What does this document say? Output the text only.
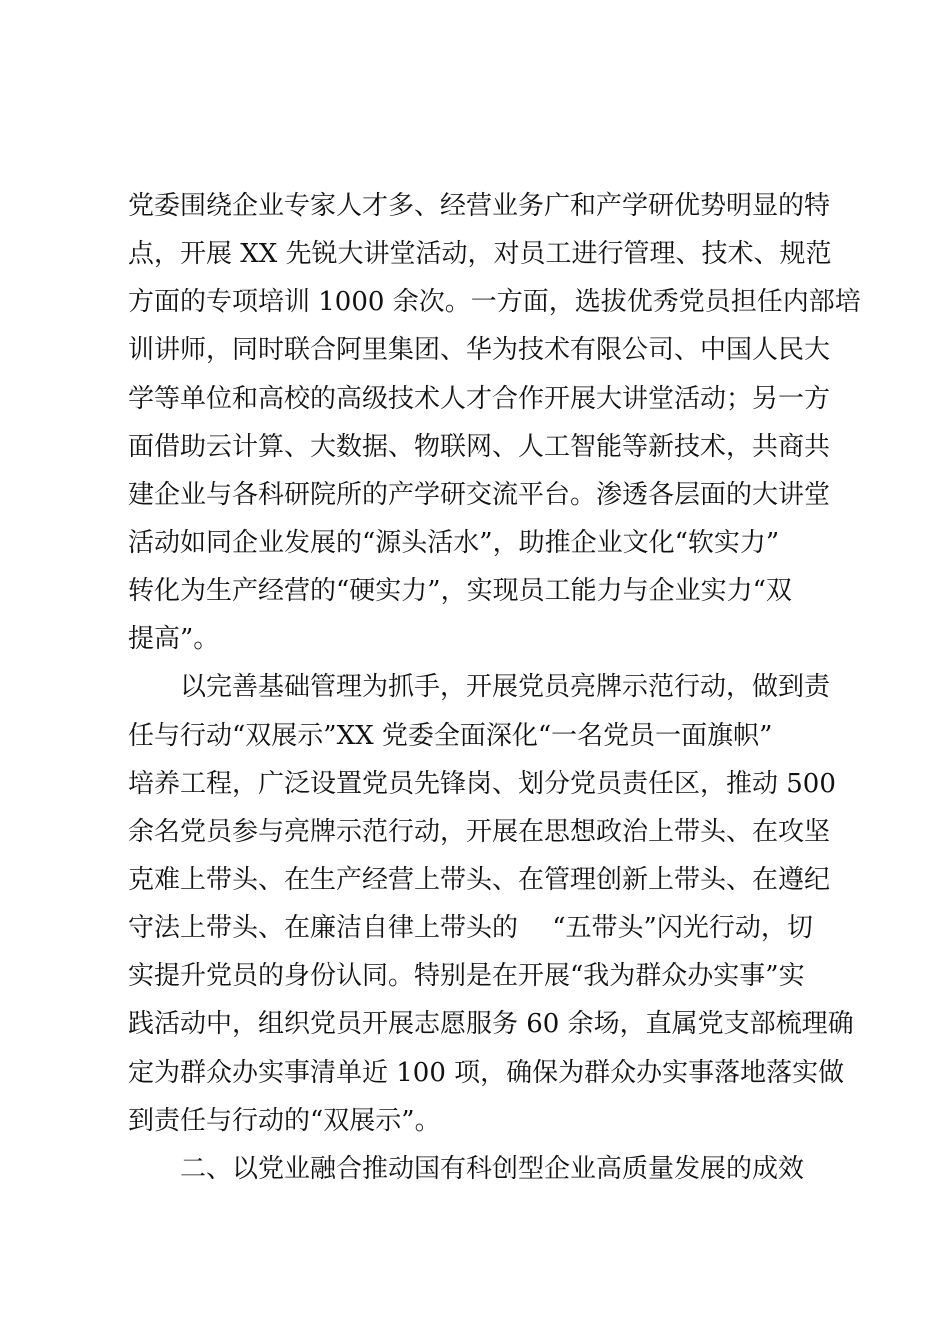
党委围绕企业专家人才多、经营业务广和产学研优势明显的特
点，开展 XX 先锐大讲堂活动，对员工进行管理、技术、规范
方面的专项培训 1000 余次。一方面，选拔优秀党员担任内部培
训讲师，同时联合阿里集团、华为技术有限公司、中国人民大
学等单位和高校的高级技术人才合作开展大讲堂活动；另一方
面借助云计算、大数据、物联网、人工智能等新技术，共商共
建企业与各科研院所的产学研交流平台。渗透各层面的大讲堂
活动如同企业发展的“源头活水”，助推企业文化“软实力”
转化为生产经营的“硬实力”，实现员工能力与企业实力“双
提高”。
以完善基础管理为抓手，开展党员亮牌示范行动，做到责
任与行动“双展示”XX 党委全面深化“一名党员一面旗帜”
培养工程，广泛设置党员先锋岗、划分党员责任区，推动 500
余名党员参与亮牌示范行动，开展在思想政治上带头、在攻坚
克难上带头、在生产经营上带头、在管理创新上带头、在遵纪
守法上带头、在廉洁自律上带头的　 “五带头”闪光行动，切
实提升党员的身份认同。特别是在开展“我为群众办实事”实
践活动中，组织党员开展志愿服务 60 余场，直属党支部梳理确
定为群众办实事清单近 100 项，确保为群众办实事落地落实做
到责任与行动的“双展示”。
二、以党业融合推动国有科创型企业高质量发展的成效
